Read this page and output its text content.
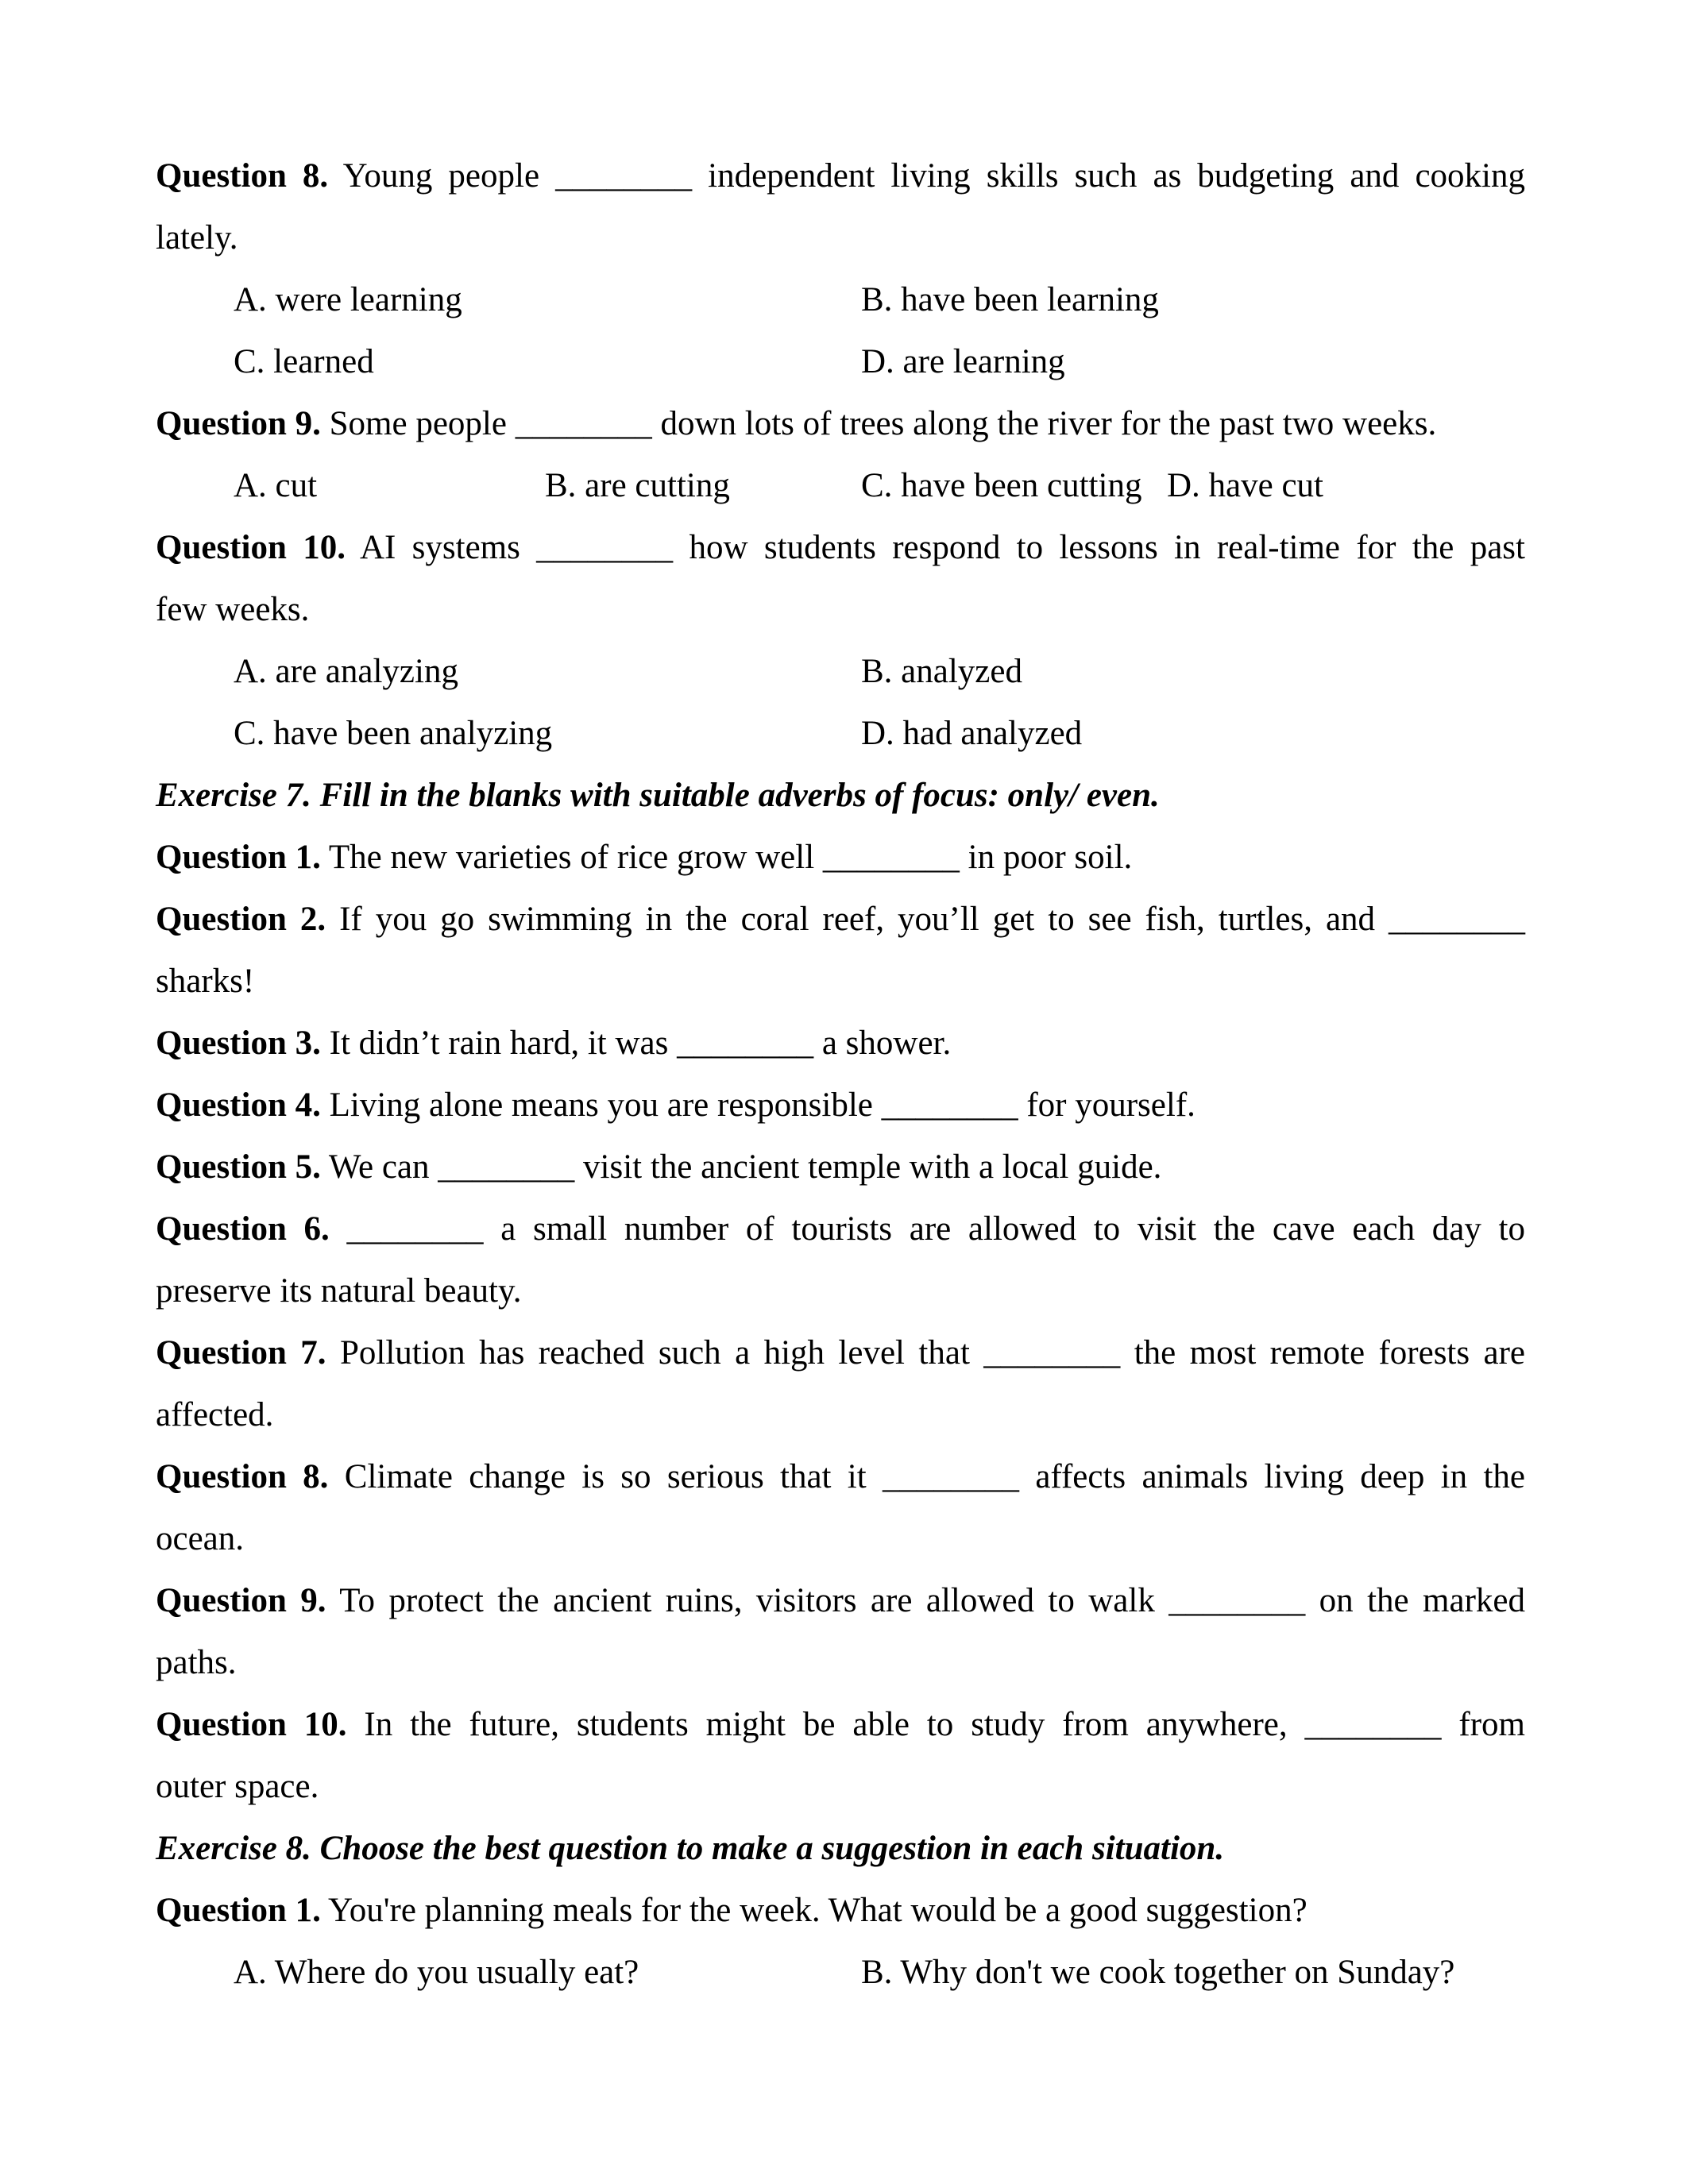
Question 8. Young people ________ independent living skills such as budgeting and cooking
lately.
A. were learning	B. have been learning
C. learned	D. are learning
Question 9. Some people ________ down lots of trees along the river for the past two weeks.
A. cut	B. are cutting	C. have been cutting D. have cut
Question 10. AI systems ________ how students respond to lessons in real-time for the past
few weeks.
A. are analyzing	B. analyzed
C. have been analyzing	D. had analyzed
Exercise 7. Fill in the blanks with suitable adverbs of focus: only/ even.
Question 1. The new varieties of rice grow well ________ in poor soil.
Question 2. If you go swimming in the coral reef, you’ll get to see fish, turtles, and ________
sharks!
Question 3. It didn’t rain hard, it was ________ a shower.
Question 4. Living alone means you are responsible ________ for yourself.
Question 5. We can ________ visit the ancient temple with a local guide.
Question 6. ________ a small number of tourists are allowed to visit the cave each day to
preserve its natural beauty.
Question 7. Pollution has reached such a high level that ________ the most remote forests are
affected.
Question 8. Climate change is so serious that it ________ affects animals living deep in the
ocean.
Question 9. To protect the ancient ruins, visitors are allowed to walk ________ on the marked
paths.
Question 10. In the future, students might be able to study from anywhere, ________ from
outer space.
Exercise 8. Choose the best question to make a suggestion in each situation.
Question 1. You're planning meals for the week. What would be a good suggestion?
A. Where do you usually eat?	B. Why don't we cook together on Sunday?
